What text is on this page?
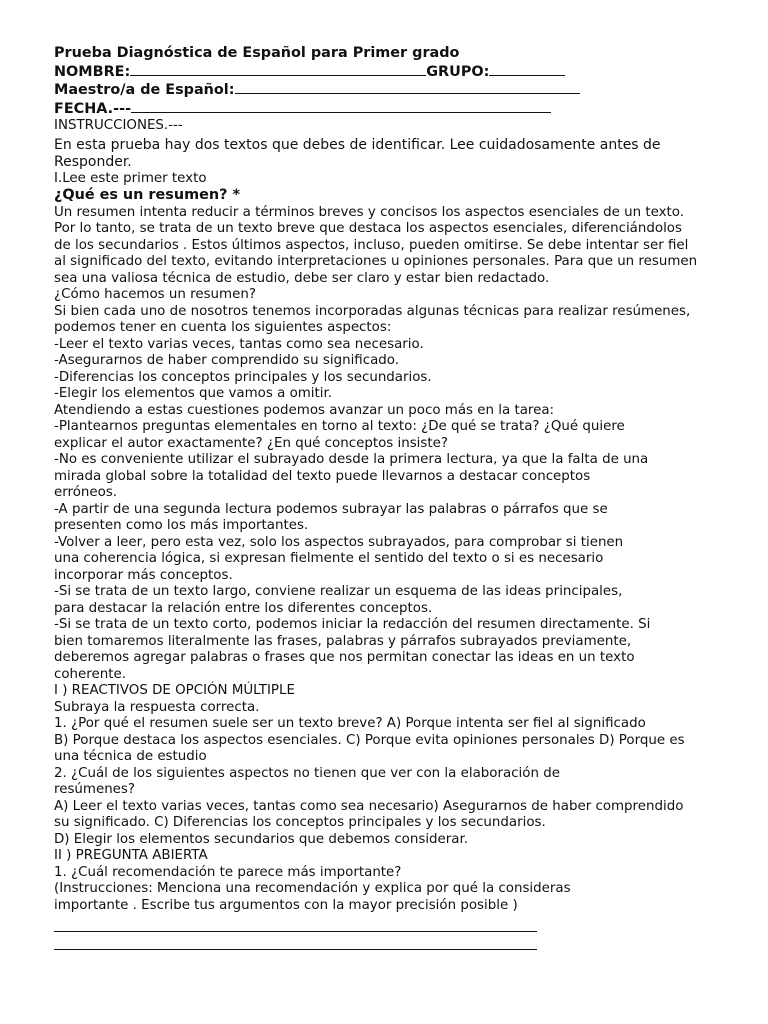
Prueba Diagnóstica de Español para Primer grado
NOMBRE:	GRUPO:
Maestro/a de Español:
FECHA.---
INSTRUCCIONES.---
En esta prueba hay dos textos que debes de identificar. Lee cuidadosamente antes de
Responder.
I.Lee este primer texto
¿Qué es un resumen? *
Un resumen intenta reducir a términos breves y concisos los aspectos esenciales de un texto.
Por lo tanto, se trata de un texto breve que destaca los aspectos esenciales, diferenciándolos
de los secundarios . Estos últimos aspectos, incluso, pueden omitirse. Se debe intentar ser fiel
al significado del texto, evitando interpretaciones u opiniones personales. Para que un resumen
sea una valiosa técnica de estudio, debe ser claro y estar bien redactado.
¿Cómo hacemos un resumen?
Si bien cada uno de nosotros tenemos incorporadas algunas técnicas para realizar resúmenes,
podemos tener en cuenta los siguientes aspectos:
-Leer el texto varias veces, tantas como sea necesario.
-Asegurarnos de haber comprendido su significado.
-Diferencias los conceptos principales y los secundarios.
-Elegir los elementos que vamos a omitir.
Atendiendo a estas cuestiones podemos avanzar un poco más en la tarea:
-Plantearnos preguntas elementales en torno al texto: ¿De qué se trata? ¿Qué quiere
explicar el autor exactamente? ¿En qué conceptos insiste?
-No es conveniente utilizar el subrayado desde la primera lectura, ya que la falta de una
mirada global sobre la totalidad del texto puede llevarnos a destacar conceptos
erróneos.
-A partir de una segunda lectura podemos subrayar las palabras o párrafos que se
presenten como los más importantes.
-Volver a leer, pero esta vez, solo los aspectos subrayados, para comprobar si tienen
una coherencia lógica, si expresan fielmente el sentido del texto o si es necesario
incorporar más conceptos.
-Si se trata de un texto largo, conviene realizar un esquema de las ideas principales,
para destacar la relación entre los diferentes conceptos.
-Si se trata de un texto corto, podemos iniciar la redacción del resumen directamente. Si
bien tomaremos literalmente las frases, palabras y párrafos subrayados previamente,
deberemos agregar palabras o frases que nos permitan conectar las ideas en un texto
coherente.
I ) REACTIVOS DE OPCIÓN MÚLTIPLE
Subraya la respuesta correcta.
1. ¿Por qué el resumen suele ser un texto breve? A) Porque intenta ser fiel al significado
B) Porque destaca los aspectos esenciales. C) Porque evita opiniones personales D) Porque es
una técnica de estudio
2. ¿Cuál de los siguientes aspectos no tienen que ver con la elaboración de
resúmenes?
A) Leer el texto varias veces, tantas como sea necesario) Asegurarnos de haber comprendido
su significado. C) Diferencias los conceptos principales y los secundarios.
D) Elegir los elementos secundarios que debemos considerar.
II ) PREGUNTA ABIERTA
1. ¿Cuál recomendación te parece más importante?
(Instrucciones: Menciona una recomendación y explica por qué la consideras
importante . Escribe tus argumentos con la mayor precisión posible )
